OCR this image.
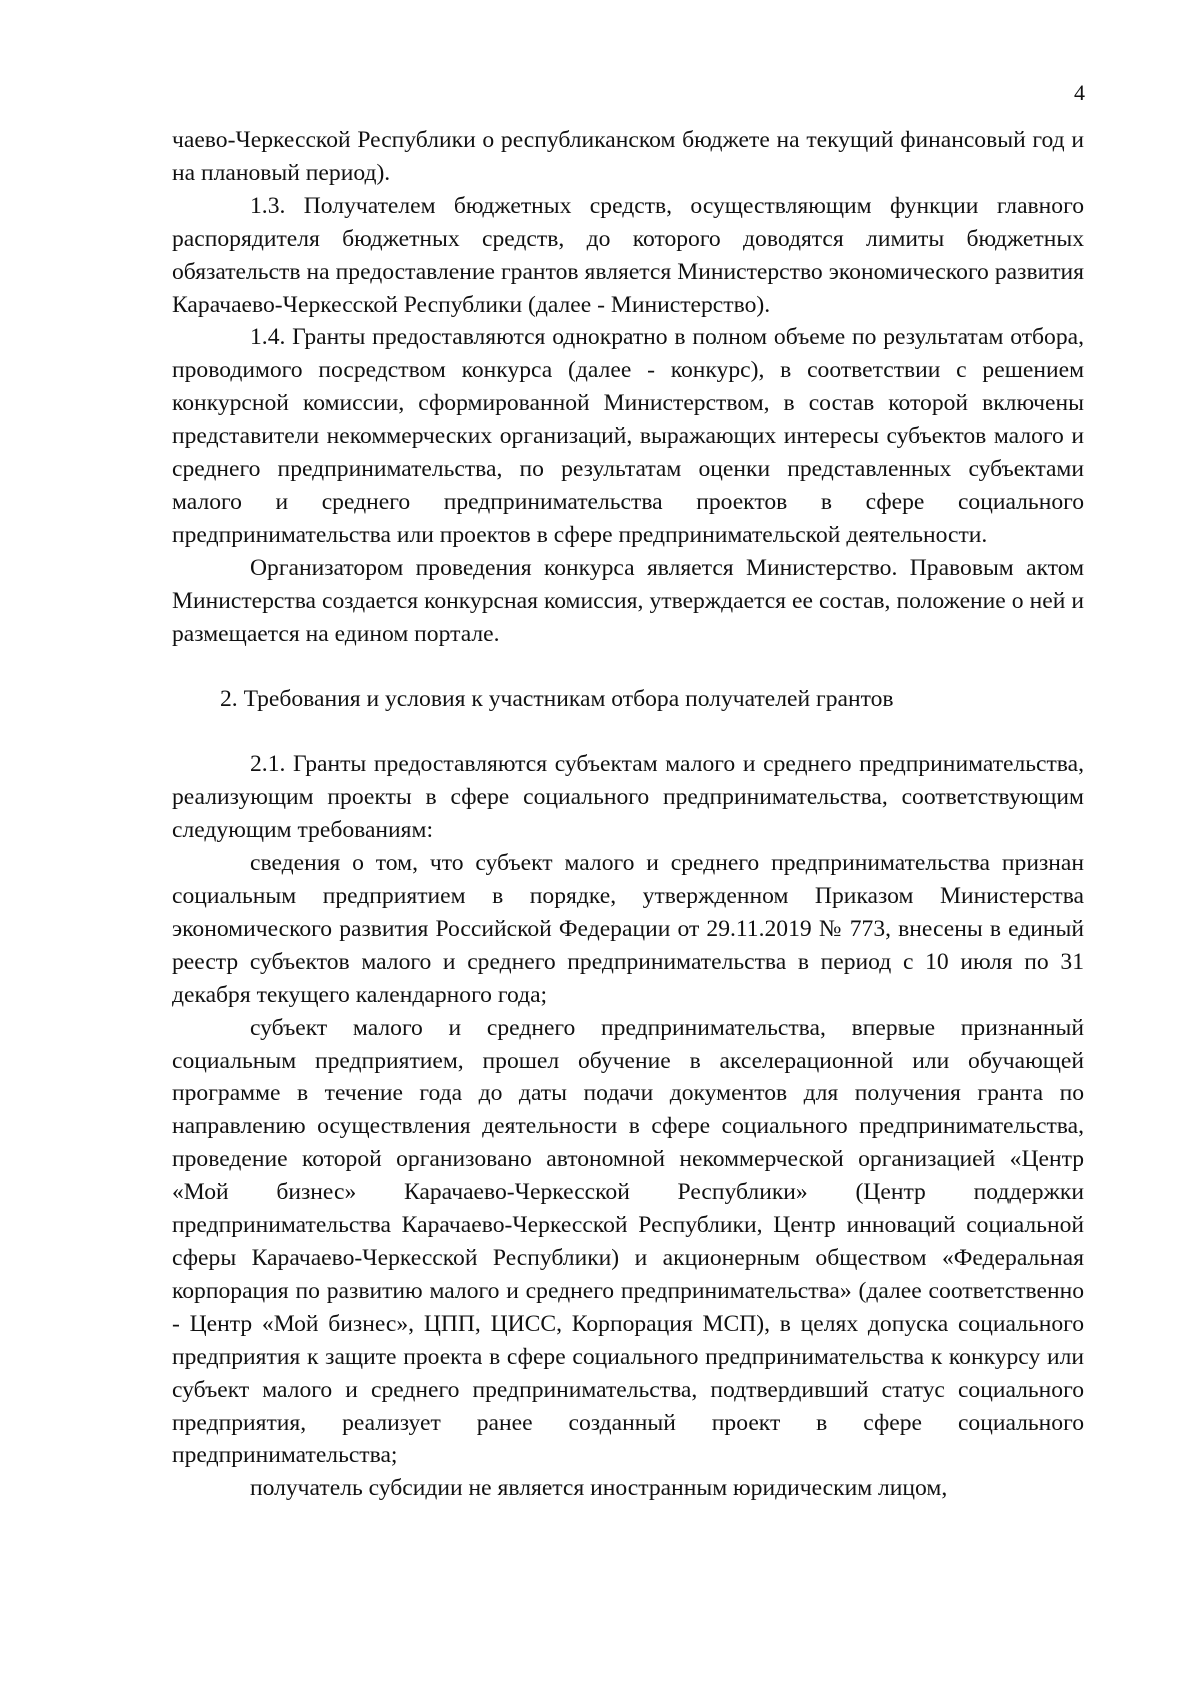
4

чаево-Черкесской Республики о республиканском бюджете на текущий финансовый год и на плановый период).

1.3. Получателем бюджетных средств, осуществляющим функции главного распорядителя бюджетных средств, до которого доводятся лимиты бюджетных обязательств на предоставление грантов является Министерство экономического развития Карачаево-Черкесской Республики (далее - Министерство).

1.4. Гранты предоставляются однократно в полном объеме по результатам отбора, проводимого посредством конкурса (далее - конкурс), в соответствии с решением конкурсной комиссии, сформированной Министерством, в состав которой включены представители некоммерческих организаций, выражающих интересы субъектов малого и среднего предпринимательства, по результатам оценки представленных субъектами малого и среднего предпринимательства проектов в сфере социального предпринимательства или проектов в сфере предпринимательской деятельности.

Организатором проведения конкурса является Министерство. Правовым актом Министерства создается конкурсная комиссия, утверждается ее состав, положение о ней и размещается на едином портале.

2. Требования и условия к участникам отбора получателей грантов

2.1. Гранты предоставляются субъектам малого и среднего предпринимательства, реализующим проекты в сфере социального предпринимательства, соответствующим следующим требованиям:

сведения о том, что субъект малого и среднего предпринимательства признан социальным предприятием в порядке, утвержденном Приказом Министерства экономического развития Российской Федерации от 29.11.2019 № 773, внесены в единый реестр субъектов малого и среднего предпринимательства в период с 10 июля по 31 декабря текущего календарного года;

субъект малого и среднего предпринимательства, впервые признанный социальным предприятием, прошел обучение в акселерационной или обучающей программе в течение года до даты подачи документов для получения гранта по направлению осуществления деятельности в сфере социального предпринимательства, проведение которой организовано автономной некоммерческой организацией «Центр «Мой бизнес» Карачаево-Черкесской Республики» (Центр поддержки предпринимательства Карачаево-Черкесской Республики, Центр инноваций социальной сферы Карачаево-Черкесской Республики) и акционерным обществом «Федеральная корпорация по развитию малого и среднего предпринимательства» (далее соответственно - Центр «Мой бизнес», ЦПП, ЦИСС, Корпорация МСП), в целях допуска социального предприятия к защите проекта в сфере социального предпринимательства к конкурсу или субъект малого и среднего предпринимательства, подтвердивший статус социального предприятия, реализует ранее созданный проект в сфере социального предпринимательства;

получатель субсидии не является иностранным юридическим лицом,
